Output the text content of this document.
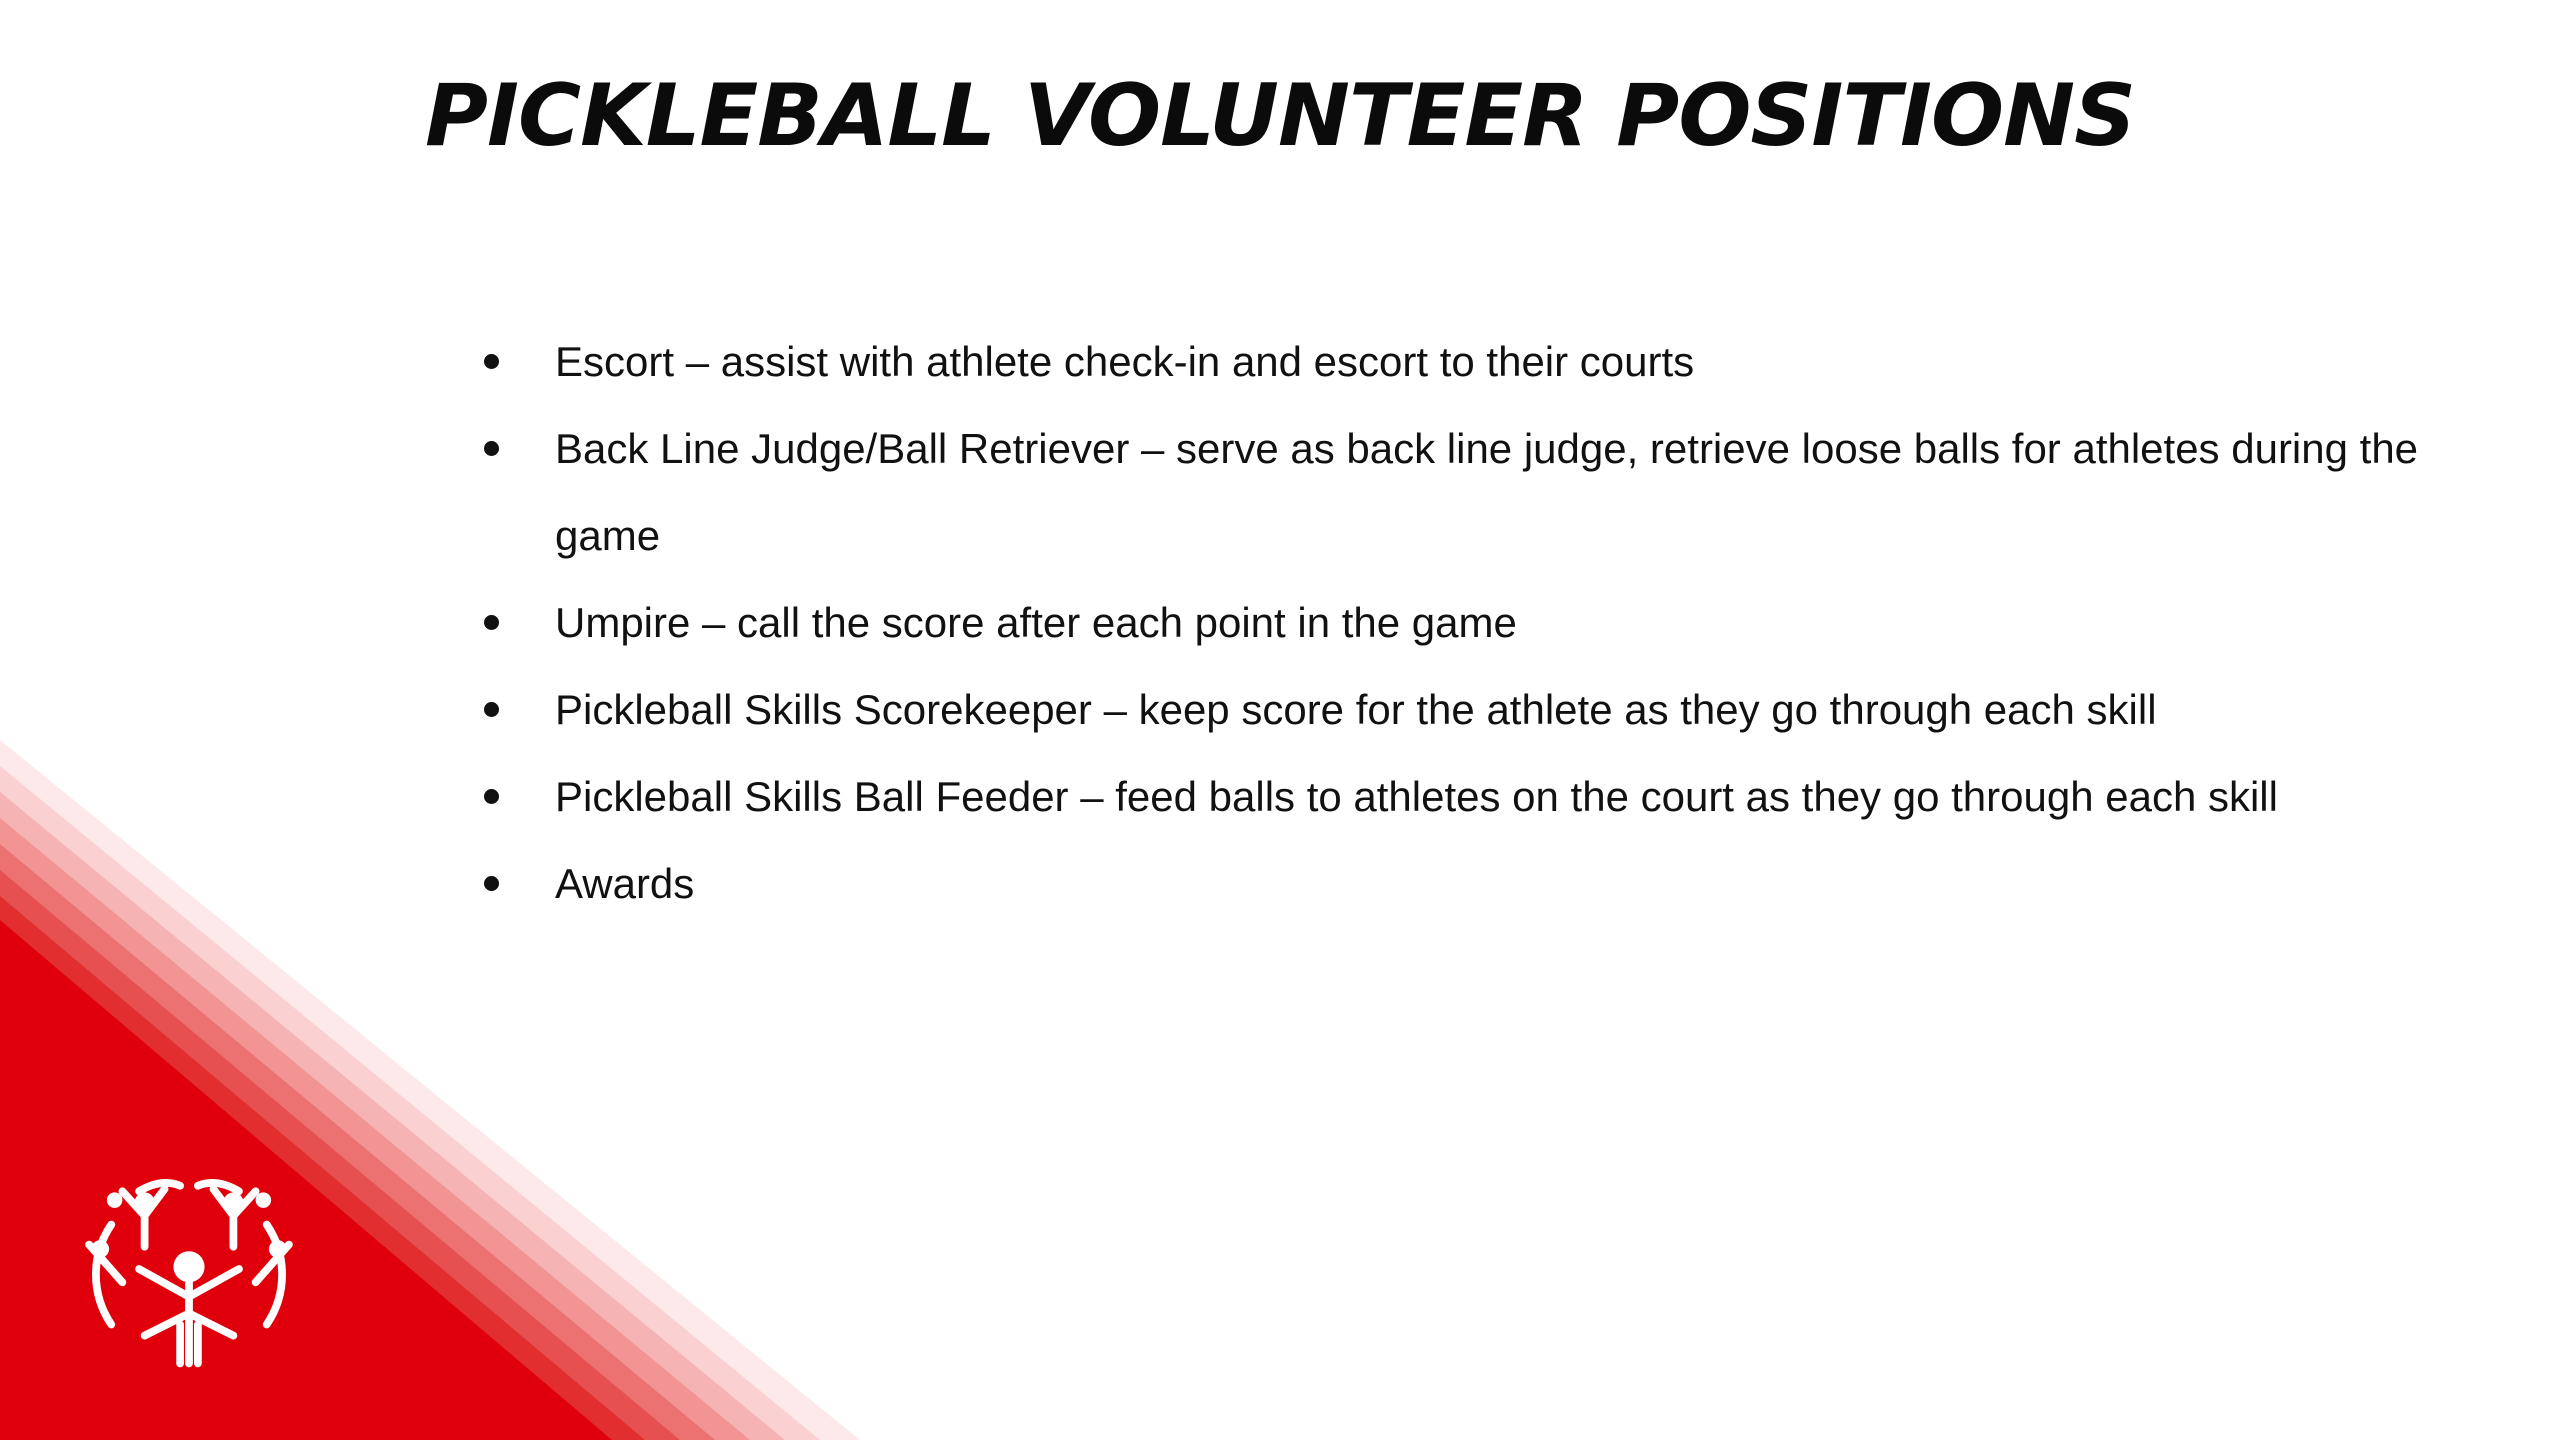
PICKLEBALL VOLUNTEER POSITIONS
Escort – assist with athlete check-in and escort to their courts
Back Line Judge/Ball Retriever – serve as back line judge, retrieve loose balls for athletes during the game
Umpire – call the score after each point in the game
Pickleball Skills Scorekeeper – keep score for the athlete as they go through each skill
Pickleball Skills Ball Feeder – feed balls to athletes on the court as they go through each skill
Awards
